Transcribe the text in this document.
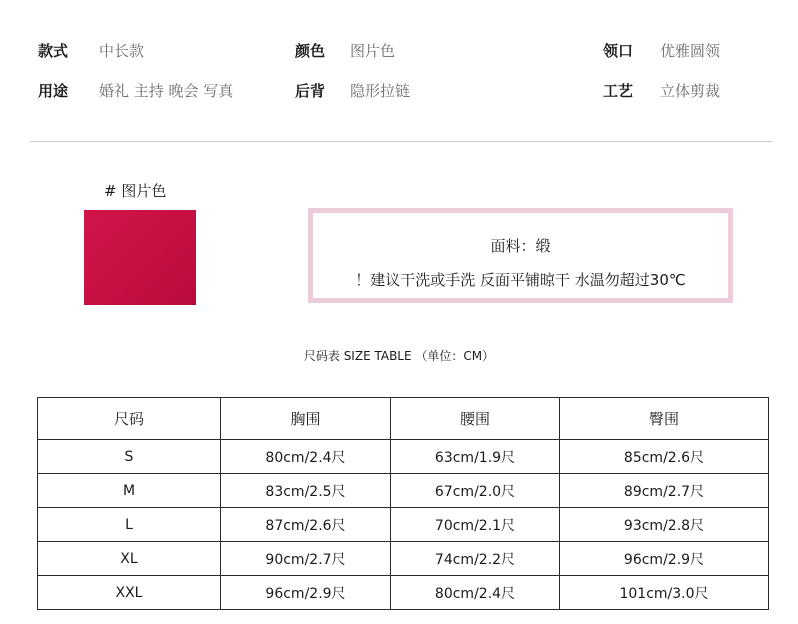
款式 中长款	颜色 图片色	领口 优雅圆领
用途 婚礼 主持 晚会 写真	后背 隐形拉链	工艺 立体剪裁
# 图片色
面料：缎
！建议干洗或手洗 反面平铺晾干 水温勿超过30℃
尺码表 SIZE TABLE （单位：CM）
尺码	胸围	腰围	臀围
S	80cm/2.4尺	63cm/1.9尺	85cm/2.6尺
M	83cm/2.5尺	67cm/2.0尺	89cm/2.7尺
L	87cm/2.6尺	70cm/2.1尺	93cm/2.8尺
XL	90cm/2.7尺	74cm/2.2尺	96cm/2.9尺
XXL	96cm/2.9尺	80cm/2.4尺	101cm/3.0尺
